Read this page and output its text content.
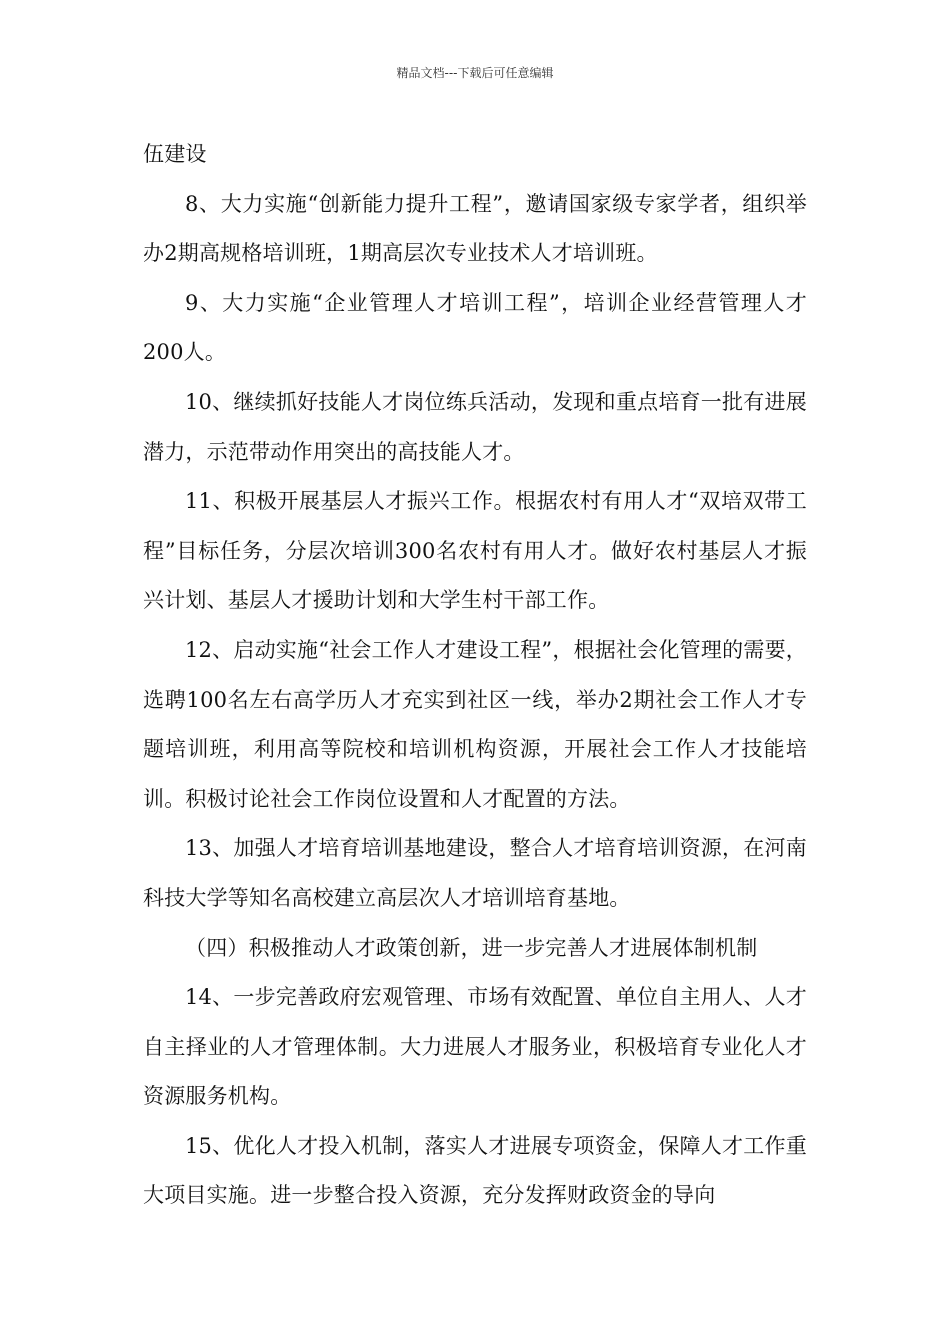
精品文档---下载后可任意编辑

伍建设

8、大力实施“创新能力提升工程”，邀请国家级专家学者，组织举办2期高规格培训班，1期高层次专业技术人才培训班。

9、大力实施“企业管理人才培训工程”，培训企业经营管理人才200人。

10、继续抓好技能人才岗位练兵活动，发现和重点培育一批有进展潜力，示范带动作用突出的高技能人才。

11、积极开展基层人才振兴工作。根据农村有用人才“双培双带工程”目标任务，分层次培训300名农村有用人才。做好农村基层人才振兴计划、基层人才援助计划和大学生村干部工作。

12、启动实施“社会工作人才建设工程”，根据社会化管理的需要，选聘100名左右高学历人才充实到社区一线，举办2期社会工作人才专题培训班，利用高等院校和培训机构资源，开展社会工作人才技能培训。积极讨论社会工作岗位设置和人才配置的方法。

13、加强人才培育培训基地建设，整合人才培育培训资源，在河南科技大学等知名高校建立高层次人才培训培育基地。

（四）积极推动人才政策创新，进一步完善人才进展体制机制

14、一步完善政府宏观管理、市场有效配置、单位自主用人、人才自主择业的人才管理体制。大力进展人才服务业，积极培育专业化人才资源服务机构。

15、优化人才投入机制，落实人才进展专项资金，保障人才工作重大项目实施。进一步整合投入资源，充分发挥财政资金的导向
